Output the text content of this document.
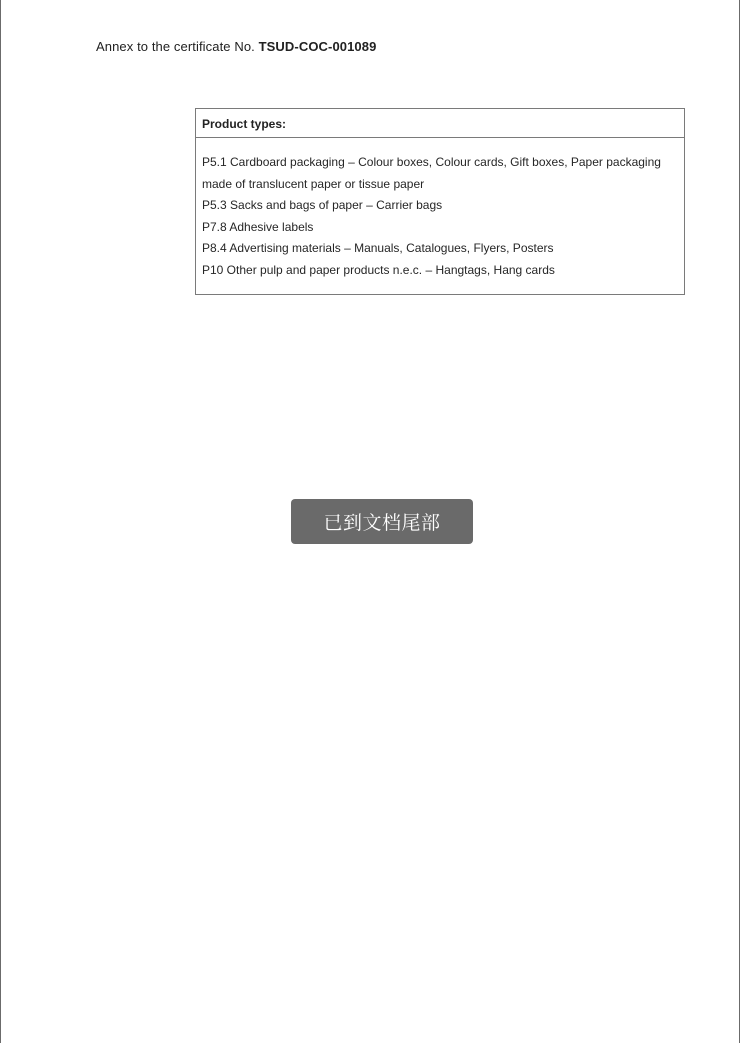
Annex to the certificate No. TSUD-COC-001089
Product types:
P5.1 Cardboard packaging – Colour boxes, Colour cards, Gift boxes, Paper packaging made of translucent paper or tissue paper
P5.3 Sacks and bags of paper – Carrier bags
P7.8 Adhesive labels
P8.4 Advertising materials – Manuals, Catalogues, Flyers, Posters
P10 Other pulp and paper products n.e.c. – Hangtags, Hang cards
已到文档尾部
